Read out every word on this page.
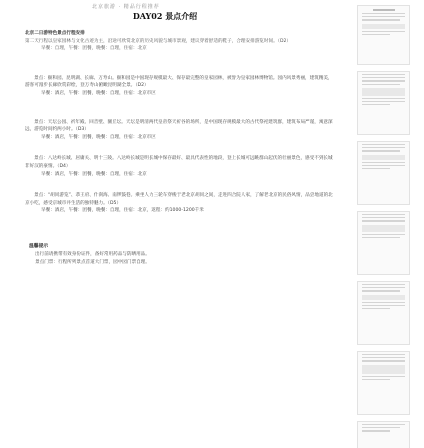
北京旅游 · 精品行程推荐
DAY02 景点介绍

北京二日游特色景点行程安排

第二天行程以皇家园林与文化古迹为主，沿途可欣赏北京的历史风貌与城市景观，建议穿着舒适的鞋子，合理安排游览时间。（D2）

早餐：自理，午餐：团餐，晚餐：自理，住宿：北京

景点：颐和园、昆明湖、长廊、万寿山。颐和园是中国现存规模最大、保存最完整的皇家园林，被誉为皇家园林博物馆。园内风景秀丽，建筑精美，游客可漫步长廊欣赏彩绘，登万寿山俯瞰昆明湖全景。（D2）

早餐：酒店，午餐：团餐，晚餐：自理，住宿：北京市区

景点：天坛公园、祈年殿、回音壁、圜丘坛。天坛是明清两代皇帝祭天祈谷的场所，是中国现存规模最大的古代祭祀建筑群，建筑布局严谨，寓意深远，游览时间约两小时。（D3）

早餐：酒店，午餐：团餐，晚餐：自理，住宿：北京市区

景点：八达岭长城、居庸关、明十三陵。八达岭长城是明长城中保存最好、最具代表性的地段，登上长城可远眺群山起伏的壮丽景色，感受不到长城非好汉的豪情。（D4）

早餐：酒店，午餐：团餐，晚餐：自理，住宿：北京

景点：“胡同游览”、恭王府、什刹海、南锣鼓巷。乘坐人力三轮车穿梭于老北京胡同之间，走进四合院人家，了解老北京的民俗风情，品尝地道的北京小吃，感受京城市井生活的独特魅力。（D5）

早餐：酒店，午餐：团餐，晚餐：自理，住宿：北京，返程：约1000-1200千米

温馨提示

出行前请携带有效身份证件，备好常用药品与防晒用品。

景点门票：行程所列景点首道大门票，园中园门票自理。
